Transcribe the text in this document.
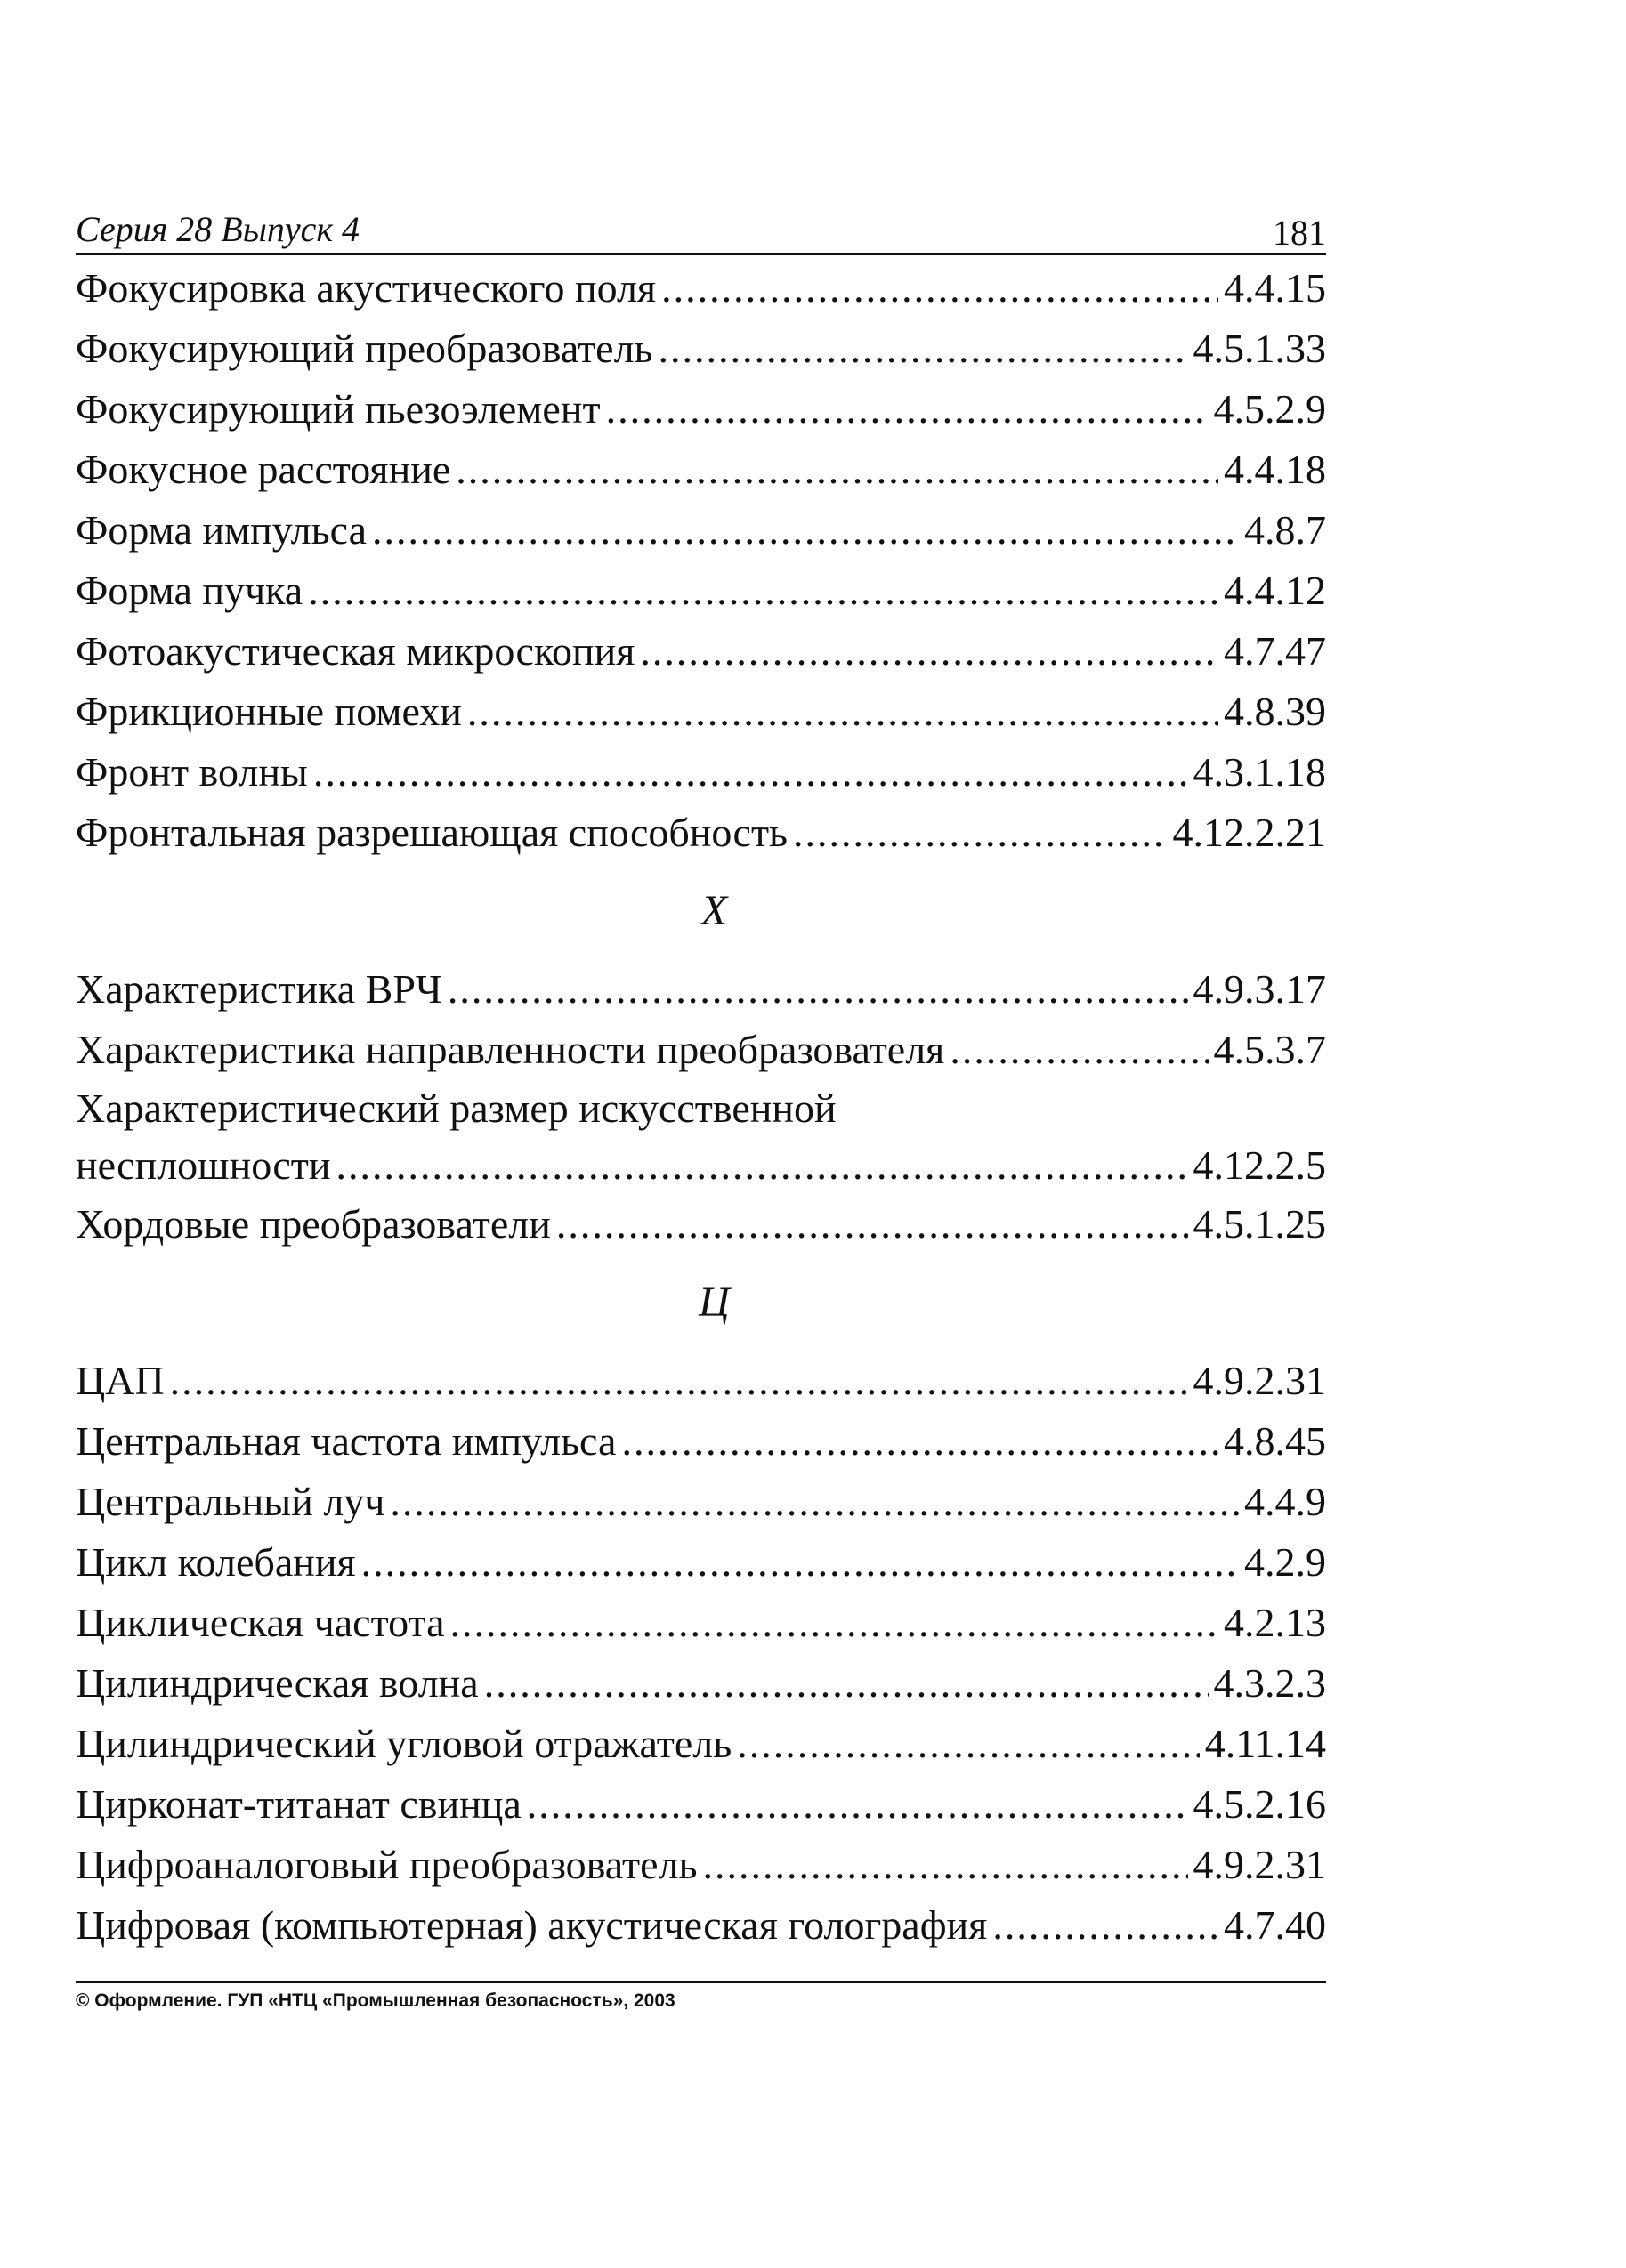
Серия 28 Выпуск 4	181
Фокусировка акустического поля .....	4.4.15
Фокусирующий преобразователь .....	4.5.1.33
Фокусирующий пьезоэлемент .....	4.5.2.9
Фокусное расстояние .....	4.4.18
Форма импульса .....	4.8.7
Форма пучка .....	4.4.12
Фотоакустическая микроскопия .....	4.7.47
Фрикционные помехи .....	4.8.39
Фронт волны .....	4.3.1.18
Фронтальная разрешающая способность .....	4.12.2.21
Х
Характеристика ВРЧ .....	4.9.3.17
Характеристика направленности преобразователя .....	4.5.3.7
Характеристический размер искусственной
несплошности .....	4.12.2.5
Хордовые преобразователи .....	4.5.1.25
Ц
ЦАП .....	4.9.2.31
Центральная частота импульса .....	4.8.45
Центральный луч .....	4.4.9
Цикл колебания .....	4.2.9
Циклическая частота .....	4.2.13
Цилиндрическая волна .....	4.3.2.3
Цилиндрический угловой отражатель .....	4.11.14
Цирконат-титанат свинца .....	4.5.2.16
Цифроаналоговый преобразователь .....	4.9.2.31
Цифровая (компьютерная) акустическая голография .....	4.7.40
© Оформление. ГУП «НТЦ «Промышленная безопасность», 2003
